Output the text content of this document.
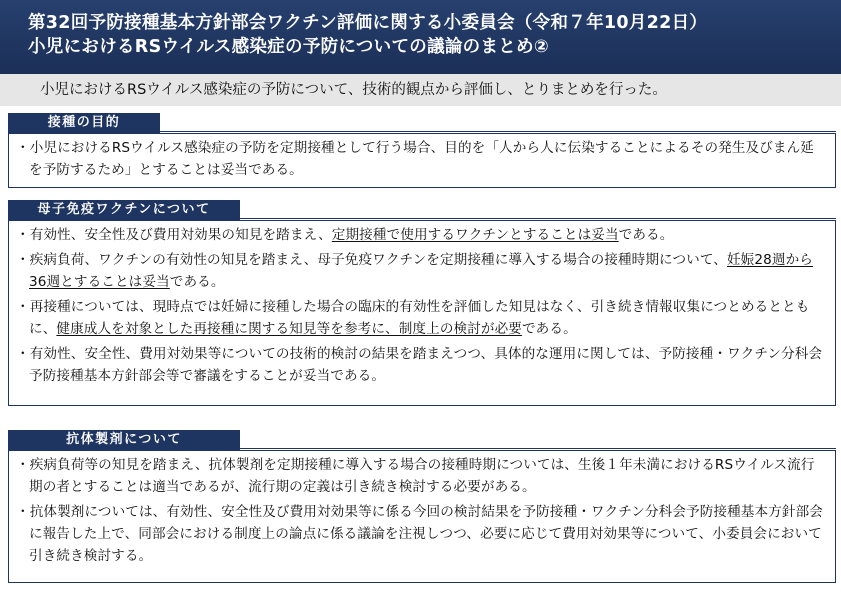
第32回予防接種基本方針部会ワクチン評価に関する小委員会（令和７年10月22日）
小児におけるRSウイルス感染症の予防についての議論のまとめ②
小児におけるRSウイルス感染症の予防について、技術的観点から評価し、とりまとめを行った。
接種の目的
・小児におけるRSウイルス感染症の予防を定期接種として行う場合、目的を「人から人に伝染することによるその発生及びまん延を予防するため」とすることは妥当である。
母子免疫ワクチンについて
・有効性、安全性及び費用対効果の知見を踏まえ、定期接種で使用するワクチンとすることは妥当である。
・疾病負荷、ワクチンの有効性の知見を踏まえ、母子免疫ワクチンを定期接種に導入する場合の接種時期について、妊娠28週から36週とすることは妥当である。
・再接種については、現時点では妊婦に接種した場合の臨床的有効性を評価した知見はなく、引き続き情報収集につとめるとともに、健康成人を対象とした再接種に関する知見等を参考に、制度上の検討が必要である。
・有効性、安全性、費用対効果等についての技術的検討の結果を踏まえつつ、具体的な運用に関しては、予防接種・ワクチン分科会予防接種基本方針部会等で審議をすることが妥当である。
抗体製剤について
・疾病負荷等の知見を踏まえ、抗体製剤を定期接種に導入する場合の接種時期については、生後１年未満におけるRSウイルス流行期の者とすることは適当であるが、流行期の定義は引き続き検討する必要がある。
・抗体製剤については、有効性、安全性及び費用対効果等に係る今回の検討結果を予防接種・ワクチン分科会予防接種基本方針部会に報告した上で、同部会における制度上の論点に係る議論を注視しつつ、必要に応じて費用対効果等について、小委員会において引き続き検討する。
